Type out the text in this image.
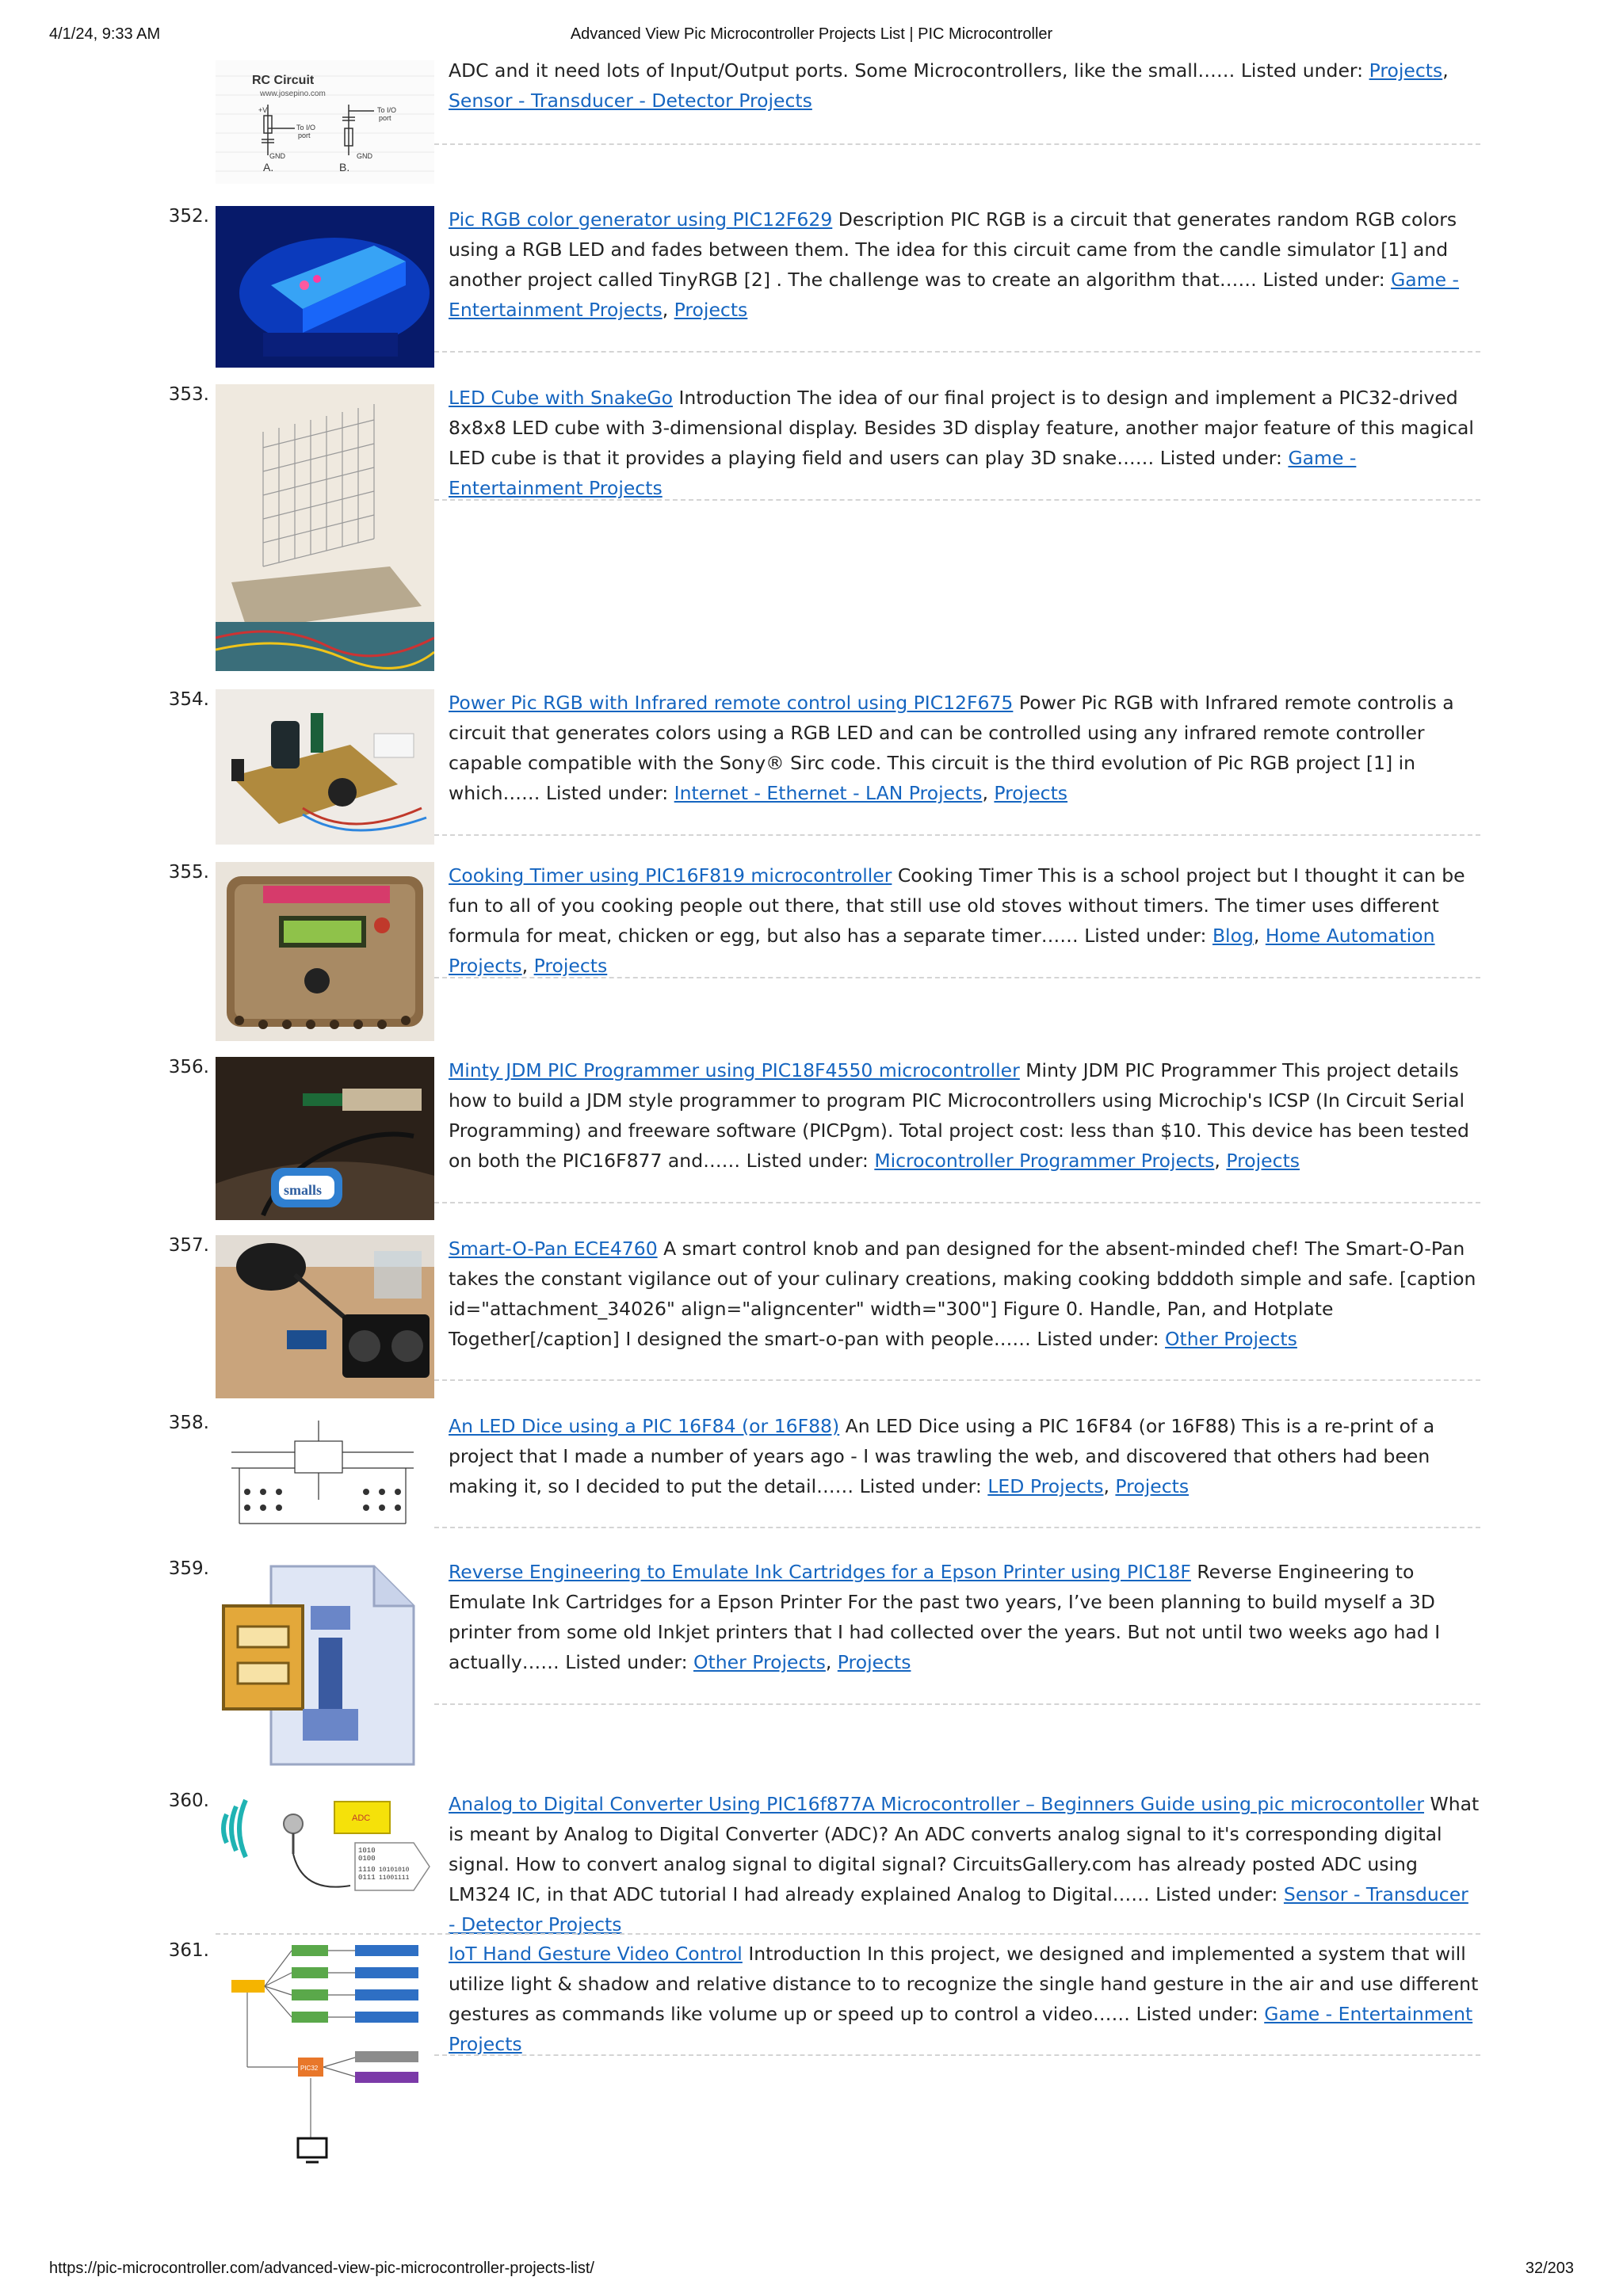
4/1/24, 9:33 AM	Advanced View Pic Microcontroller Projects List | PIC Microcontroller
RC Circuit
www.josepino.com
+V
To I/O
port
To I/O
port
GND	GND
A.	B.
ADC and it need lots of Input/Output ports. Some Microcontrollers, like the small…… Listed under: Projects, Sensor - Transducer - Detector Projects
352.	Pic RGB color generator using PIC12F629 Description PIC RGB is a circuit that generates random RGB colors using a RGB LED and fades between them. The idea for this circuit came from the candle simulator [1] and another project called TinyRGB [2] . The challenge was to create an algorithm that…… Listed under: Game - Entertainment Projects, Projects
353.	LED Cube with SnakeGo Introduction The idea of our final project is to design and implement a PIC32-drived 8x8x8 LED cube with 3-dimensional display. Besides 3D display feature, another major feature of this magical LED cube is that it provides a playing field and users can play 3D snake…… Listed under: Game - Entertainment Projects
354.	Power Pic RGB with Infrared remote control using PIC12F675 Power Pic RGB with Infrared remote controlis a circuit that generates colors using a RGB LED and can be controlled using any infrared remote controller capable compatible with the Sony® Sirc code. This circuit is the third evolution of Pic RGB project [1] in which…… Listed under: Internet - Ethernet - LAN Projects, Projects
355.	Cooking Timer using PIC16F819 microcontroller Cooking Timer This is a school project but I thought it can be fun to all of you cooking people out there, that still use old stoves without timers. The timer uses different formula for meat, chicken or egg, but also has a separate timer…… Listed under: Blog, Home Automation Projects, Projects
356.
smalls
Minty JDM PIC Programmer using PIC18F4550 microcontroller Minty JDM PIC Programmer This project details how to build a JDM style programmer to program PIC Microcontrollers using Microchip's ICSP (In Circuit Serial Programming) and freeware software (PICPgm). Total project cost: less than $10. This device has been tested on both the PIC16F877 and…… Listed under: Microcontroller Programmer Projects, Projects
357.	Smart-O-Pan ECE4760 A smart control knob and pan designed for the absent-minded chef! The Smart-O-Pan takes the constant vigilance out of your culinary creations, making cooking bdddoth simple and safe. [caption id="attachment_34026" align="aligncenter" width="300"] Figure 0. Handle, Pan, and Hotplate Together[/caption] I designed the smart-o-pan with people…… Listed under: Other Projects
358.	An LED Dice using a PIC 16F84 (or 16F88) An LED Dice using a PIC 16F84 (or 16F88) This is a re-print of a project that I made a number of years ago - I was trawling the web, and discovered that others had been making it, so I decided to put the detail…… Listed under: LED Projects, Projects
359.	Reverse Engineering to Emulate Ink Cartridges for a Epson Printer using PIC18F Reverse Engineering to Emulate Ink Cartridges for a Epson Printer For the past two years, I’ve been planning to build myself a 3D printer from some old Inkjet printers that I had collected over the years. But not until two weeks ago had I actually…… Listed under: Other Projects, Projects
360.
ADC
1010
0100
1110
0111
10101010
11001111
Analog to Digital Converter Using PIC16f877A Microcontroller – Beginners Guide using pic microcontoller What is meant by Analog to Digital Converter (ADC)? An ADC converts analog signal to it's corresponding digital signal. How to convert analog signal to digital signal? CircuitsGallery.com has already posted ADC using LM324 IC, in that ADC tutorial I had already explained Analog to Digital…… Listed under: Sensor - Transducer - Detector Projects
361.
PIC32
IoT Hand Gesture Video Control Introduction In this project, we designed and implemented a system that will utilize light & shadow and relative distance to to recognize the single hand gesture in the air and use different gestures as commands like volume up or speed up to control a video…… Listed under: Game - Entertainment Projects
https://pic-microcontroller.com/advanced-view-pic-microcontroller-projects-list/	32/203
